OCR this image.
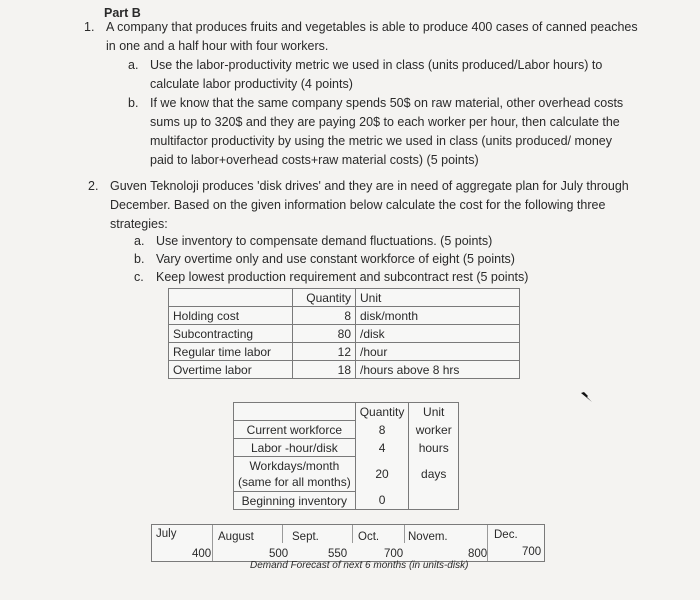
Part B
1. A company that produces fruits and vegetables is able to produce 400 cases of canned peaches
in one and a half hour with four workers.
a. Use the labor-productivity metric we used in class (units produced/Labor hours) to
calculate labor productivity (4 points)
b. If we know that the same company spends 50$ on raw material, other overhead costs
sums up to 320$ and they are paying 20$ to each worker per hour, then calculate the
multifactor productivity by using the metric we used in class (units produced/ money
paid to labor+overhead costs+raw material costs) (5 points)
2. Guven Teknoloji produces 'disk drives' and they are in need of aggregate plan for July through
December. Based on the given information below calculate the cost for the following three
strategies:
a. Use inventory to compensate demand fluctuations. (5 points)
b. Vary overtime only and use constant workforce of eight (5 points)
c. Keep lowest production requirement and subcontract rest (5 points)
	Quantity	Unit
Holding cost	8	disk/month
Subcontracting	80	/disk
Regular time labor	12	/hour
Overtime labor	18	/hours above 8 hrs
	Quantity	Unit
Current workforce	8	worker
Labor -hour/disk	4	hours

Workdays/month
(same for all months)	20	days
Beginning inventory	0	
July	August	Sept.	Oct.	Novem.	Dec.
400	500	550	700	800	700
Demand Forecast of next 6 months (in units-disk)
